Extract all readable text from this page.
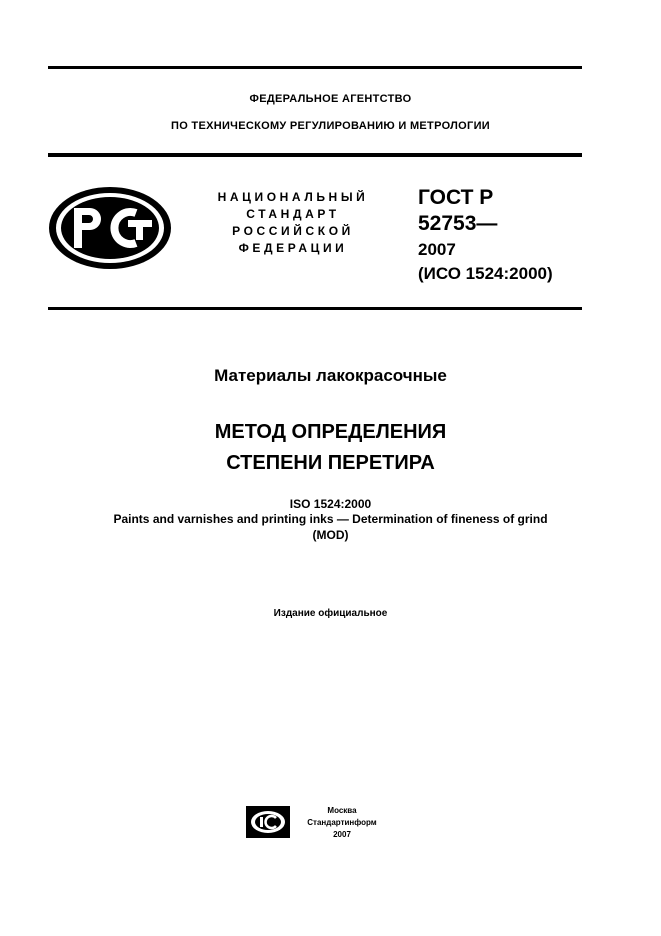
ФЕДЕРАЛЬНОЕ АГЕНТСТВО
ПО ТЕХНИЧЕСКОМУ РЕГУЛИРОВАНИЮ И МЕТРОЛОГИИ
НАЦИОНАЛЬНЫЙ
СТАНДАРТ
РОССИЙСКОЙ
ФЕДЕРАЦИИ
ГОСТ Р
52753—
2007
(ИСО 1524:2000)
Материалы лакокрасочные
МЕТОД ОПРЕДЕЛЕНИЯ
СТЕПЕНИ ПЕРЕТИРА
ISO 1524:2000
Paints and varnishes and printing inks — Determination of fineness of grind
(MOD)
Издание официальное
Москва
Стандартинформ
2007
